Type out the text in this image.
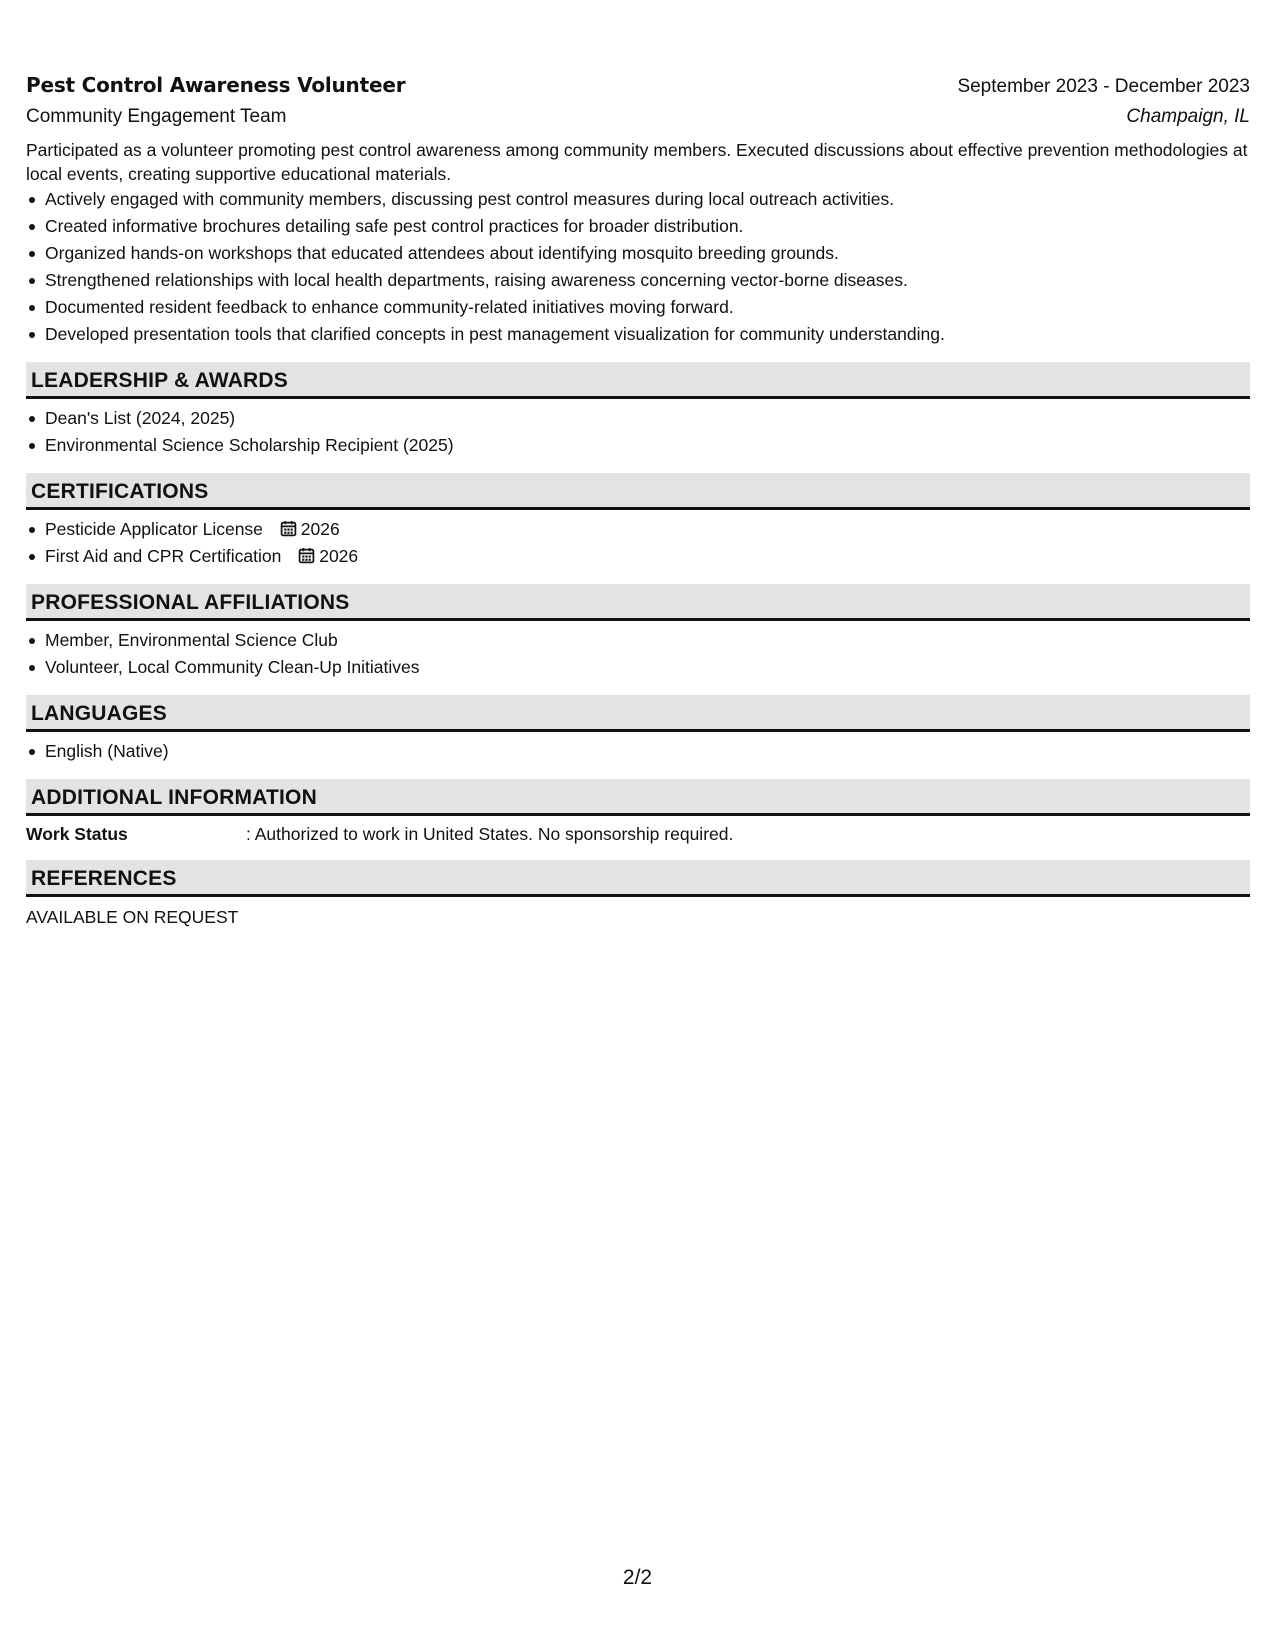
Pest Control Awareness Volunteer	September 2023 - December 2023
Community Engagement Team	Champaign, IL
Participated as a volunteer promoting pest control awareness among community members. Executed discussions about effective prevention methodologies at local events, creating supportive educational materials.
Actively engaged with community members, discussing pest control measures during local outreach activities.
Created informative brochures detailing safe pest control practices for broader distribution.
Organized hands-on workshops that educated attendees about identifying mosquito breeding grounds.
Strengthened relationships with local health departments, raising awareness concerning vector-borne diseases.
Documented resident feedback to enhance community-related initiatives moving forward.
Developed presentation tools that clarified concepts in pest management visualization for community understanding.
LEADERSHIP & AWARDS
Dean's List (2024, 2025)
Environmental Science Scholarship Recipient (2025)
CERTIFICATIONS
Pesticide Applicator License 2026
First Aid and CPR Certification 2026
PROFESSIONAL AFFILIATIONS
Member, Environmental Science Club
Volunteer, Local Community Clean-Up Initiatives
LANGUAGES
English (Native)
ADDITIONAL INFORMATION
Work Status	: Authorized to work in United States. No sponsorship required.
REFERENCES
AVAILABLE ON REQUEST
2/2
